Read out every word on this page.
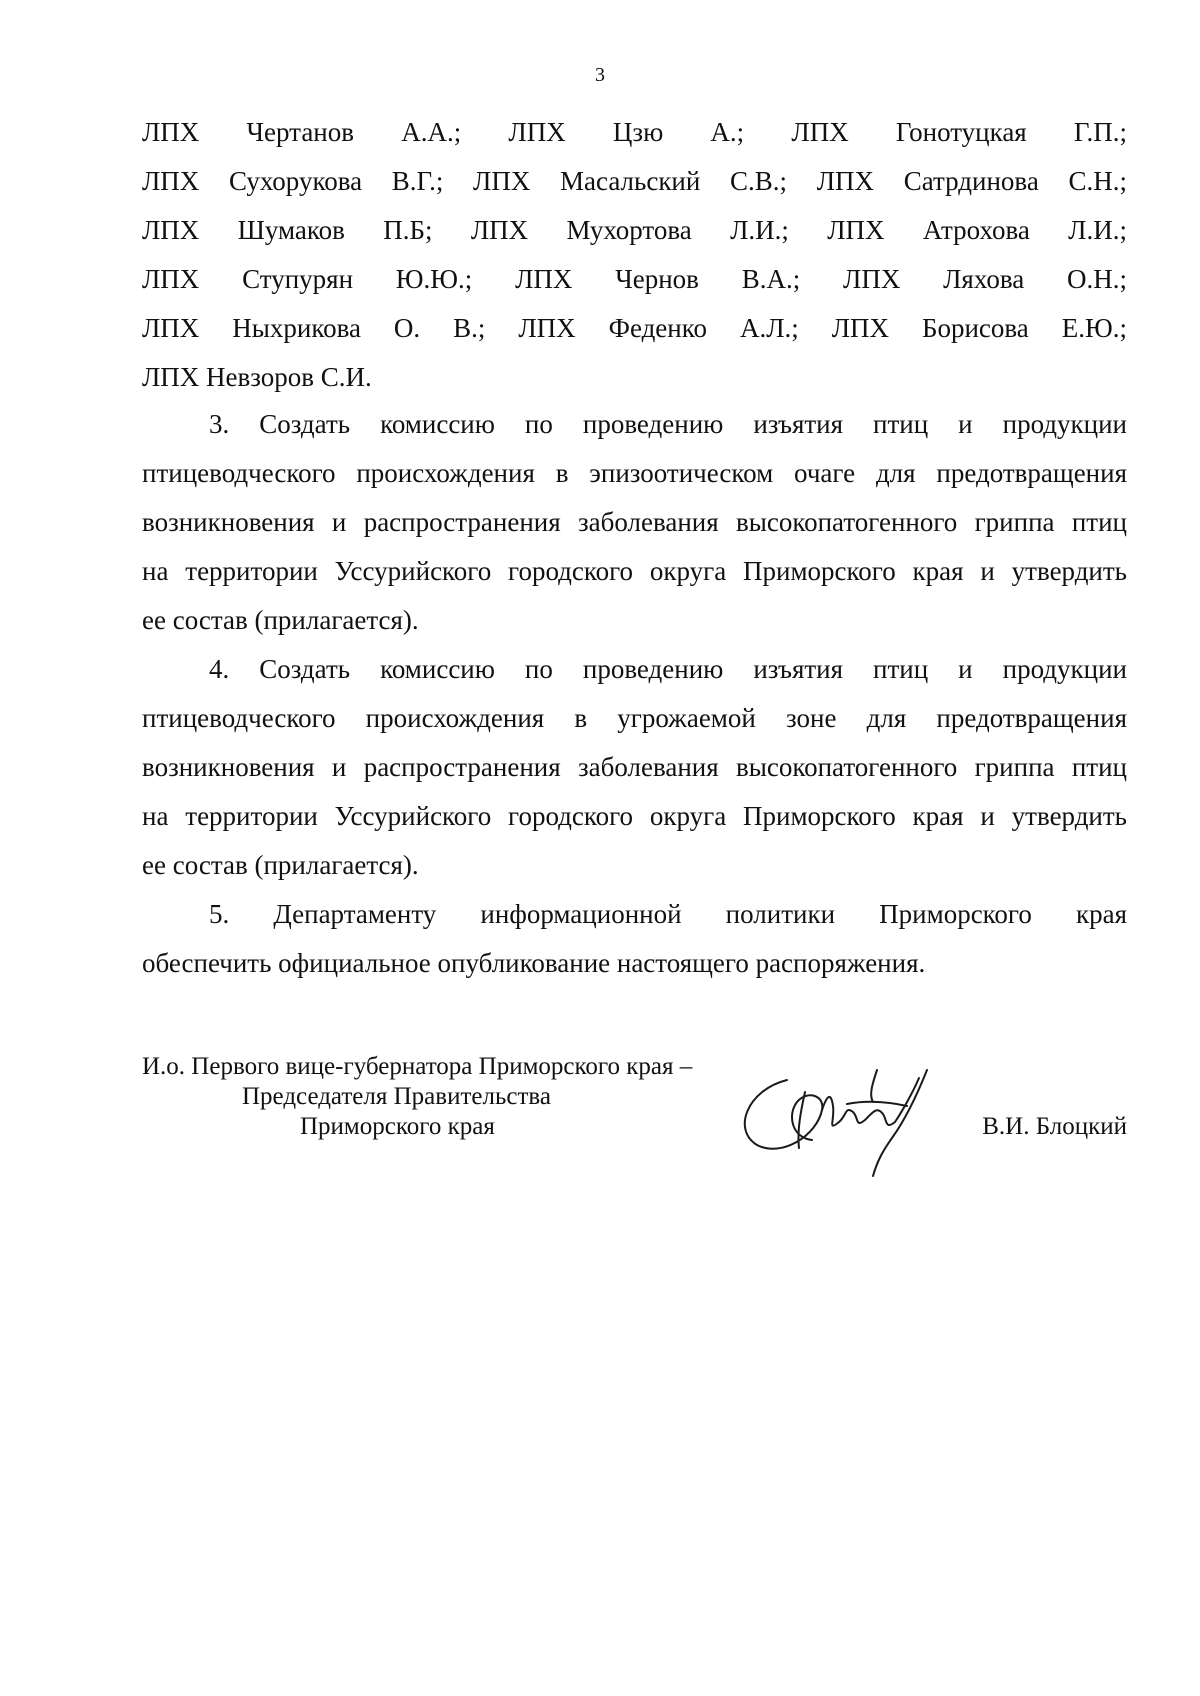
3
ЛПХ Чертанов А.А.; ЛПХ Цзю А.; ЛПХ Гонотуцкая Г.П.;
ЛПХ Сухорукова В.Г.; ЛПХ Масальский С.В.; ЛПХ Сатрдинова С.Н.;
ЛПХ Шумаков П.Б; ЛПХ Мухортова Л.И.; ЛПХ Атрохова Л.И.;
ЛПХ Ступурян Ю.Ю.; ЛПХ Чернов В.А.; ЛПХ Ляхова О.Н.;
ЛПХ Ныхрикова О. В.; ЛПХ Феденко А.Л.; ЛПХ Борисова Е.Ю.;
ЛПХ Невзоров С.И.
3. Создать комиссию по проведению изъятия птиц и продукции
птицеводческого происхождения в эпизоотическом очаге для предотвращения
возникновения и распространения заболевания высокопатогенного гриппа птиц
на территории Уссурийского городского округа Приморского края и утвердить
ее состав (прилагается).
4. Создать комиссию по проведению изъятия птиц и продукции
птицеводческого происхождения в угрожаемой зоне для предотвращения
возникновения и распространения заболевания высокопатогенного гриппа птиц
на территории Уссурийского городского округа Приморского края и утвердить
ее состав (прилагается).
5. Департаменту информационной политики Приморского края
обеспечить официальное опубликование настоящего распоряжения.
И.о. Первого вице-губернатора Приморского края –
Председателя Правительства
Приморского края	В.И. Блоцкий
